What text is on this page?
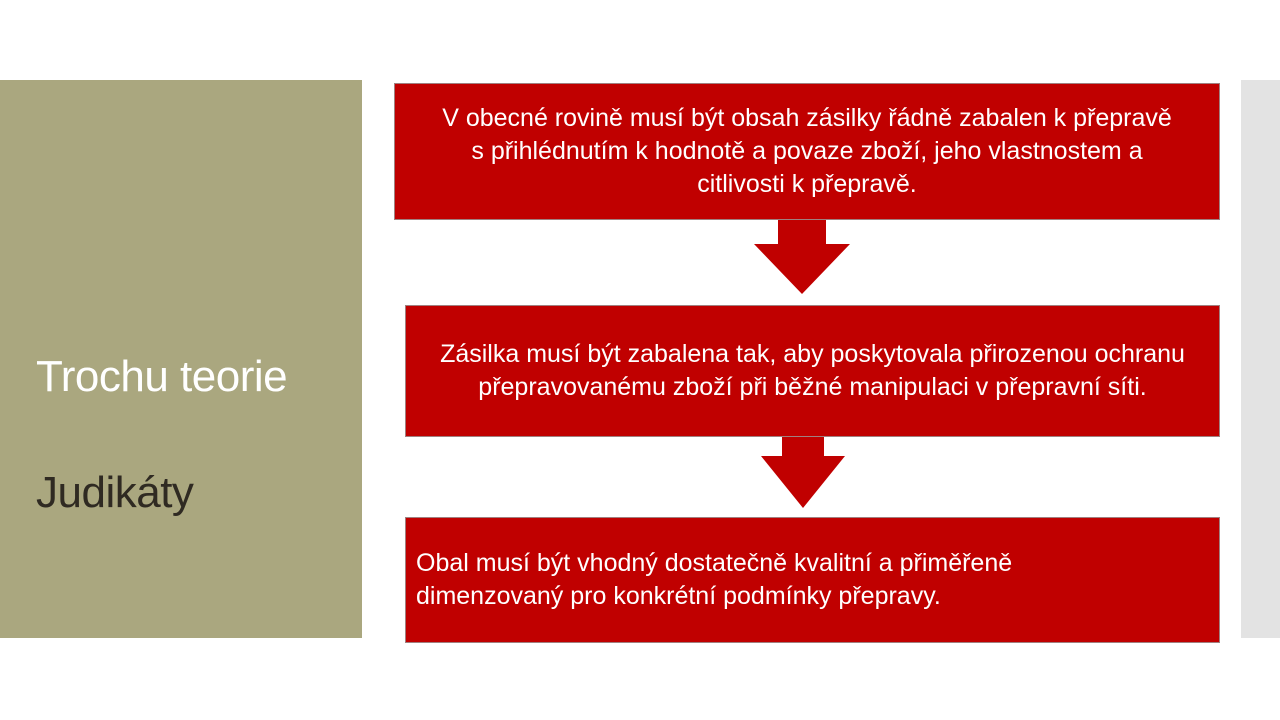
Trochu teorie
Judikáty
V obecné rovině musí být obsah zásilky řádně zabalen k přepravě s přihlédnutím k hodnotě a povaze zboží, jeho vlastnostem a citlivosti k přepravě.
Zásilka musí být zabalena tak, aby poskytovala přirozenou ochranu přepravovanému zboží při běžné manipulaci v přepravní síti.
Obal musí být vhodný dostatečně kvalitní a přiměřeně dimenzovaný pro konkrétní podmínky přepravy.
